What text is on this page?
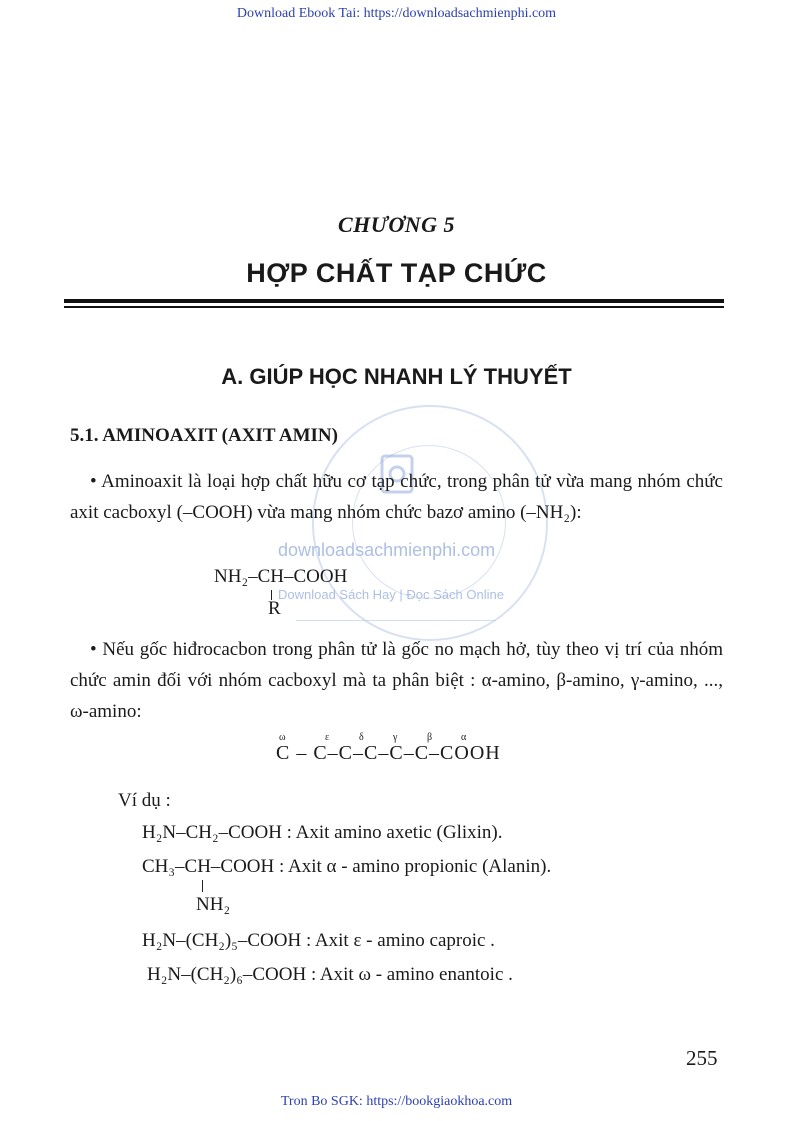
Download Ebook Tai: https://downloadsachmienphi.com
downloadsachmienphi.com
Download Sách Hay | Đọc Sách Online
CHƯƠNG 5
HỢP CHẤT TẠP CHỨC
A. GIÚP HỌC NHANH LÝ THUYẾT
5.1. AMINOAXIT (AXIT AMIN)
• Aminoaxit là loại hợp chất hữu cơ tạp chức, trong phân tử vừa mang nhóm chức axit cacboxyl (–COOH) vừa mang nhóm chức bazơ amino (–NH₂):
NH₂–CH–COOH
R
• Nếu gốc hiđrocacbon trong phân tử là gốc no mạch hở, tùy theo vị trí của nhóm chức amin đối với nhóm cacboxyl mà ta phân biệt : α-amino, β-amino, γ-amino, ..., ω-amino:
ω	ε	δ	γ	β	α
C – C–C–C–C–C–COOH
Ví dụ :
H₂N–CH₂–COOH : Axit amino axetic (Glixin).
CH₃–CH–COOH : Axit α - amino propionic (Alanin).
NH₂
H₂N–(CH₂)₅–COOH : Axit ε - amino caproic .
H₂N–(CH₂)₆–COOH : Axit ω - amino enantoic .
255
Tron Bo SGK: https://bookgiaokhoa.com
